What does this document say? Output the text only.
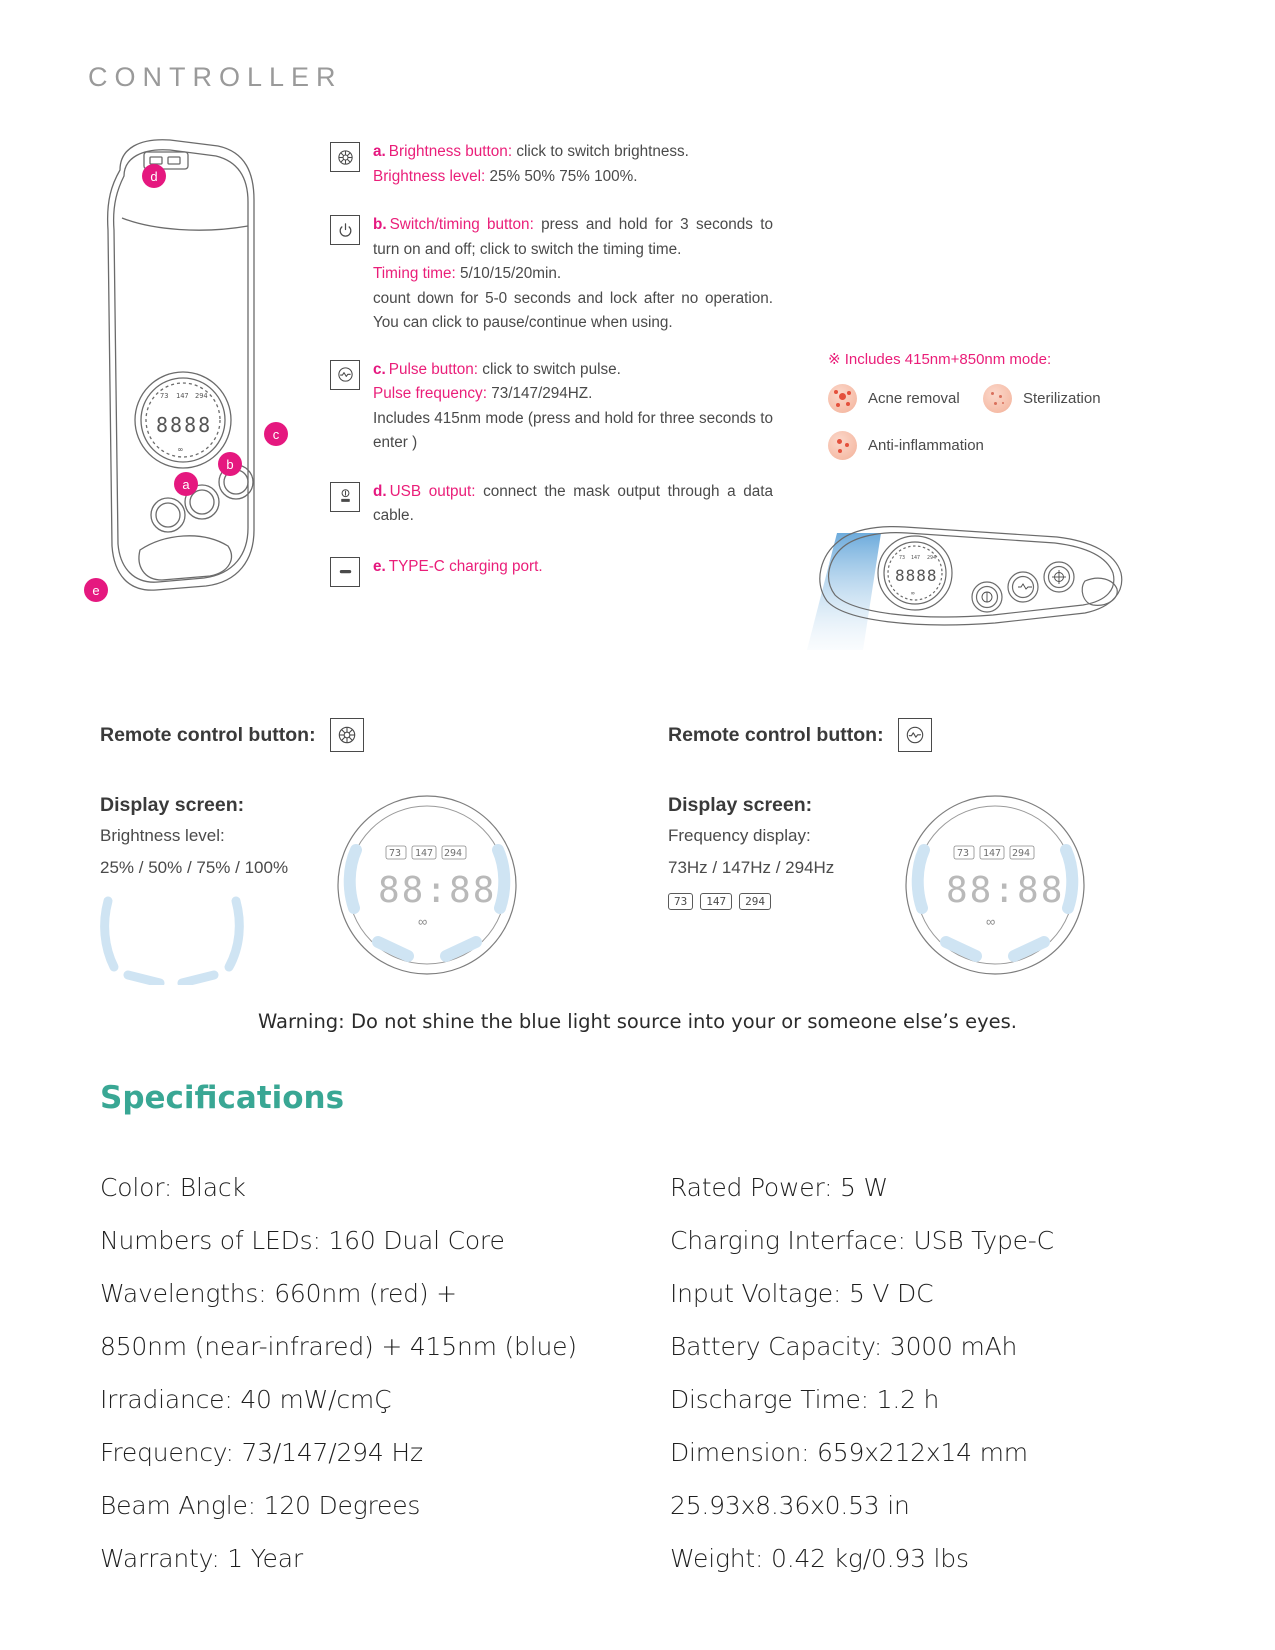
CONTROLLER
73 147 294
8888
∞
d
a
b
c
e
a. Brightness button: click to switch brightness.
Brightness level: 25% 50% 75% 100%.
b. Switch/timing button: press and hold for 3 seconds to turn on and off; click to switch the timing time.
Timing time: 5/10/15/20min.
count down for 5-0 seconds and lock after no operation. You can click to pause/continue when using.
c. Pulse button: click to switch pulse.
Pulse frequency: 73/147/294HZ.
Includes 415nm mode (press and hold for three seconds to enter )
d. USB output: connect the mask output through a data cable.
e. TYPE-C charging port.
※ Includes 415nm+850nm mode:
Acne removal	Sterilization
Anti-inflammation
73 147 294
8888
∞
Remote control button:
Display screen:
Brightness level:
25% / 50% / 75% / 100%
73 147 294
88:88
∞
Remote control button:
Display screen:
Frequency display:
73Hz / 147Hz / 294Hz
73	147	294
73 147 294
88:88
∞
Warning: Do not shine the blue light source into your or someone else’s eyes.
Specifications

Color: Black

Numbers of LEDs: 160 Dual Core

Wavelengths: 660nm (red) +

850nm (near-infrared) + 415nm (blue)

Irradiance: 40 mW/cmÇ

Frequency: 73/147/294 Hz

Beam Angle: 120 Degrees

Warranty: 1 Year

Rated Power: 5 W

Charging Interface: USB Type-C

Input Voltage: 5 V DC

Battery Capacity: 3000 mAh

Discharge Time: 1.2 h

Dimension: 659x212x14 mm

25.93x8.36x0.53 in

Weight: 0.42 kg/0.93 lbs
